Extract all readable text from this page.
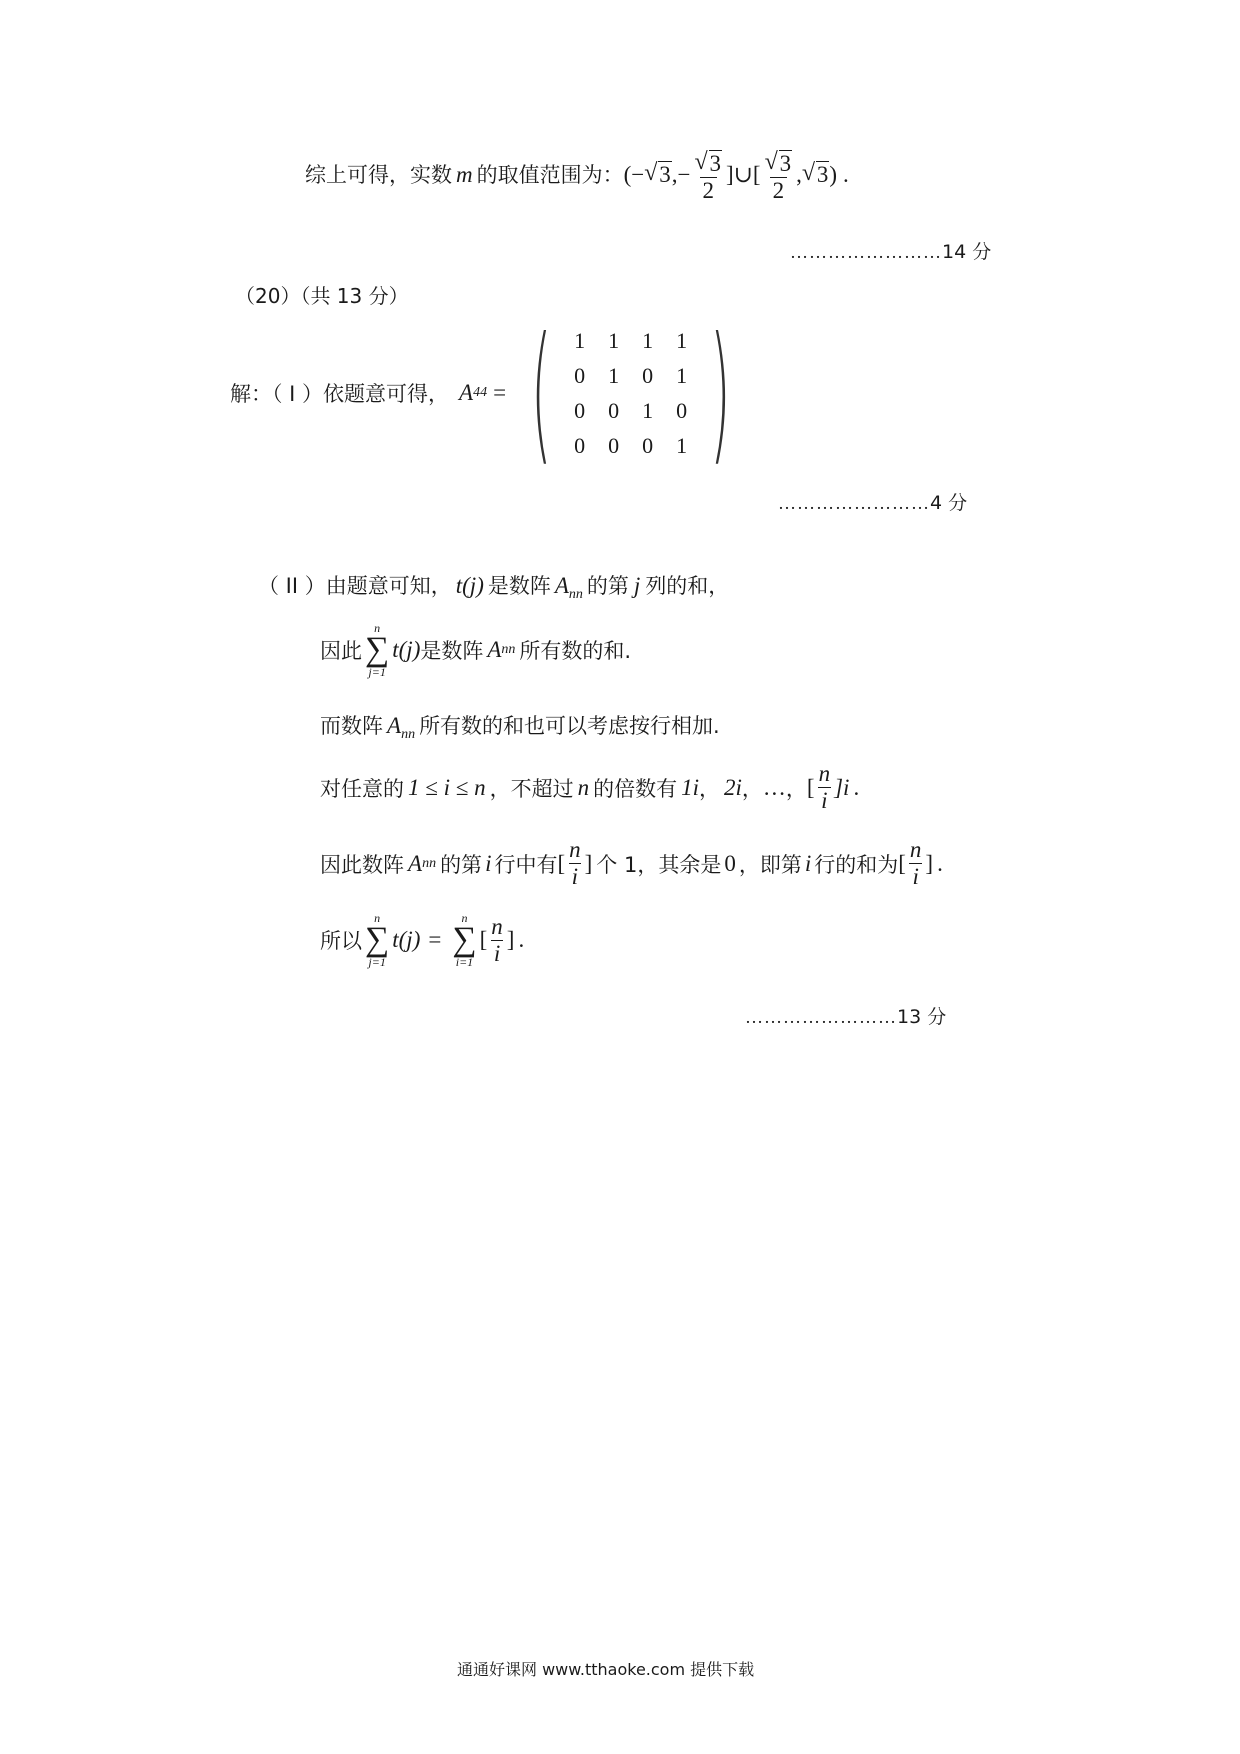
综上可得，实数 m 的取值范围为：(− √ 3,− √ $\frac{3}{2}$ ]∪[ √ $\frac{3}{2}$ , √ 3) .
……………………14 分
（20）（共 13 分）
解：（ I ）依题意可得， A 44 = ( 1	1	1	1
0	1	0	1
0	0	1	0
0	0	0	1 )
……………………4 分
（ II ）由题意可知， t(j) 是数阵 Ann 的第 j 列的和，
因此
n
∑
j=1
t(j) 是数阵 A nn 所有数的和.
而数阵 Ann 所有数的和也可以考虑按行相加.
对任意的 1 ≤ i ≤ n ，不超过 n 的倍数有 1i ， 2i ， … ， [ $\frac{n}{i} ]i$ .
因此数阵 A nn 的第 i 行中有 [ $\frac{n}{i}$ ] 个 1，其余是 0 ，即第 i 行的和为 [ $\frac{n}{i}$ ] .
所以
n
∑
j=1
t(j) =
n
∑
i=1
[ $\frac{n}{i}$ ] .
……………………13 分
通通好课网 www.tthaoke.com 提供下载
